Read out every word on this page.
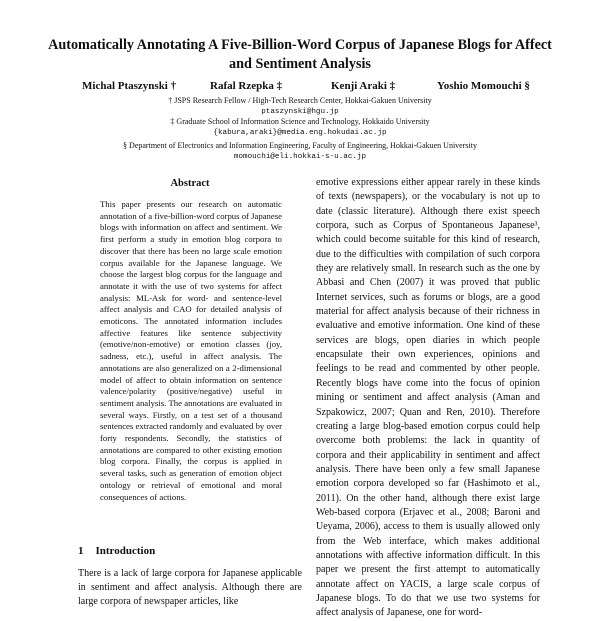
Automatically Annotating A Five-Billion-Word Corpus of Japanese Blogs for Affect and Sentiment Analysis
Michal Ptaszynski †	Rafal Rzepka ‡	Kenji Araki ‡	Yoshio Momouchi §
† JSPS Research Fellow / High-Tech Research Center, Hokkai-Gakuen University
ptaszynski@hgu.jp
‡ Graduate School of Information Science and Technology, Hokkaido University
{kabura,araki}@media.eng.hokudai.ac.jp
§ Department of Electronics and Information Engineering, Faculty of Engineering, Hokkai-Gakuen University
momouchi@eli.hokkai-s-u.ac.jp
Abstract
This paper presents our research on automatic annotation of a five-billion-word corpus of Japanese blogs with information on affect and sentiment. We first perform a study in emotion blog corpora to discover that there has been no large scale emotion corpus available for the Japanese language. We choose the largest blog corpus for the language and annotate it with the use of two systems for affect analysis: ML-Ask for word- and sentence-level affect analysis and CAO for detailed analysis of emoticons. The annotated information includes affective features like sentence subjectivity (emotive/non-emotive) or emotion classes (joy, sadness, etc.), useful in affect analysis. The annotations are also generalized on a 2-dimensional model of affect to obtain information on sentence valence/polarity (positive/negative) useful in sentiment analysis. The annotations are evaluated in several ways. Firstly, on a test set of a thousand sentences extracted randomly and evaluated by over forty respondents. Secondly, the statistics of annotations are compared to other existing emotion blog corpora. Finally, the corpus is applied in several tasks, such as generation of emotion object ontology or retrieval of emotional and moral consequences of actions.
1 Introduction
There is a lack of large corpora for Japanese applicable in sentiment and affect analysis. Although there are large corpora of newspaper articles, like
emotive expressions either appear rarely in these kinds of texts (newspapers), or the vocabulary is not up to date (classic literature). Although there exist speech corpora, such as Corpus of Spontaneous Japanese³, which could become suitable for this kind of research, due to the difficulties with compilation of such corpora they are relatively small. In research such as the one by Abbasi and Chen (2007) it was proved that public Internet services, such as forums or blogs, are a good material for affect analysis because of their richness in evaluative and emotive information. One kind of these services are blogs, open diaries in which people encapsulate their own experiences, opinions and feelings to be read and commented by other people. Recently blogs have come into the focus of opinion mining or sentiment and affect analysis (Aman and Szpakowicz, 2007; Quan and Ren, 2010). Therefore creating a large blog-based emotion corpus could help overcome both problems: the lack in quantity of corpora and their applicability in sentiment and affect analysis. There have been only a few small Japanese emotion corpora developed so far (Hashimoto et al., 2011). On the other hand, although there exist large Web-based corpora (Erjavec et al., 2008; Baroni and Ueyama, 2006), access to them is usually allowed only from the Web interface, which makes additional annotations with affective information difficult. In this paper we present the first attempt to automatically annotate affect on YACIS, a large scale corpus of Japanese blogs. To do that we use two systems for affect analysis of Japanese, one for word-
